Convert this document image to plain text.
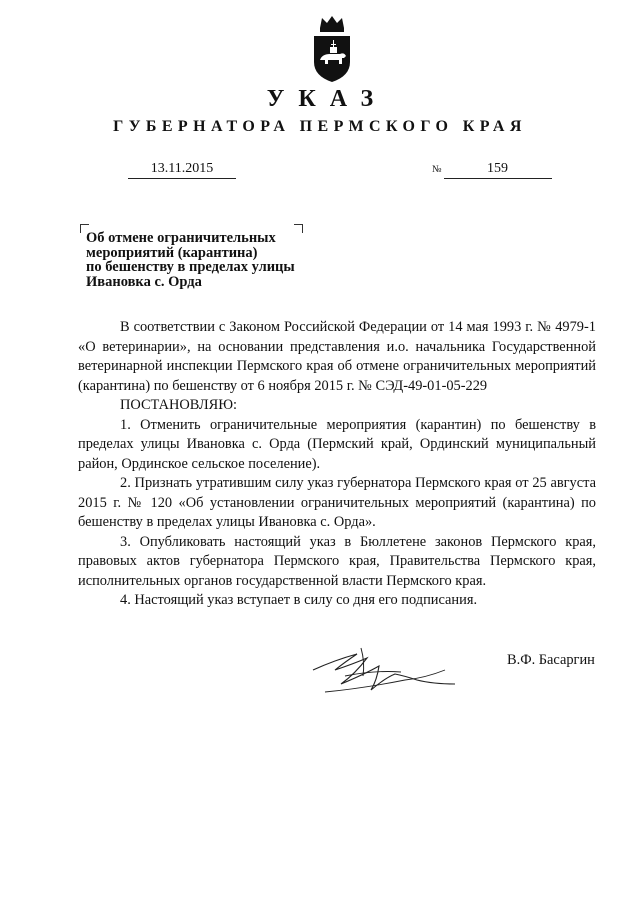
УКАЗ
ГУБЕРНАТОРА ПЕРМСКОГО КРАЯ
13.11.2015	№	159
Об отмене ограничительных
мероприятий (карантина)
по бешенству в пределах улицы
Ивановка с. Орда

В соответствии с Законом Российской Федерации от 14 мая 1993 г. № 4979-1 «О ветеринарии», на основании представления и.о. начальника Государственной ветеринарной инспекции Пермского края об отмене ограничительных мероприятий (карантина) по бешенству от 6 ноября 2015 г. № СЭД-49-01-05-229

ПОСТАНОВЛЯЮ:

1. Отменить ограничительные мероприятия (карантин) по бешенству в пределах улицы Ивановка с. Орда (Пермский край, Ординский муниципальный район, Ординское сельское поселение).

2. Признать утратившим силу указ губернатора Пермского края от 25 августа 2015 г. № 120 «Об установлении ограничительных мероприятий (карантина) по бешенству в пределах улицы Ивановка с. Орда».

3. Опубликовать настоящий указ в Бюллетене законов Пермского края, правовых актов губернатора Пермского края, Правительства Пермского края, исполнительных органов государственной власти Пермского края.

4. Настоящий указ вступает в силу со дня его подписания.

В.Ф. Басаргин
